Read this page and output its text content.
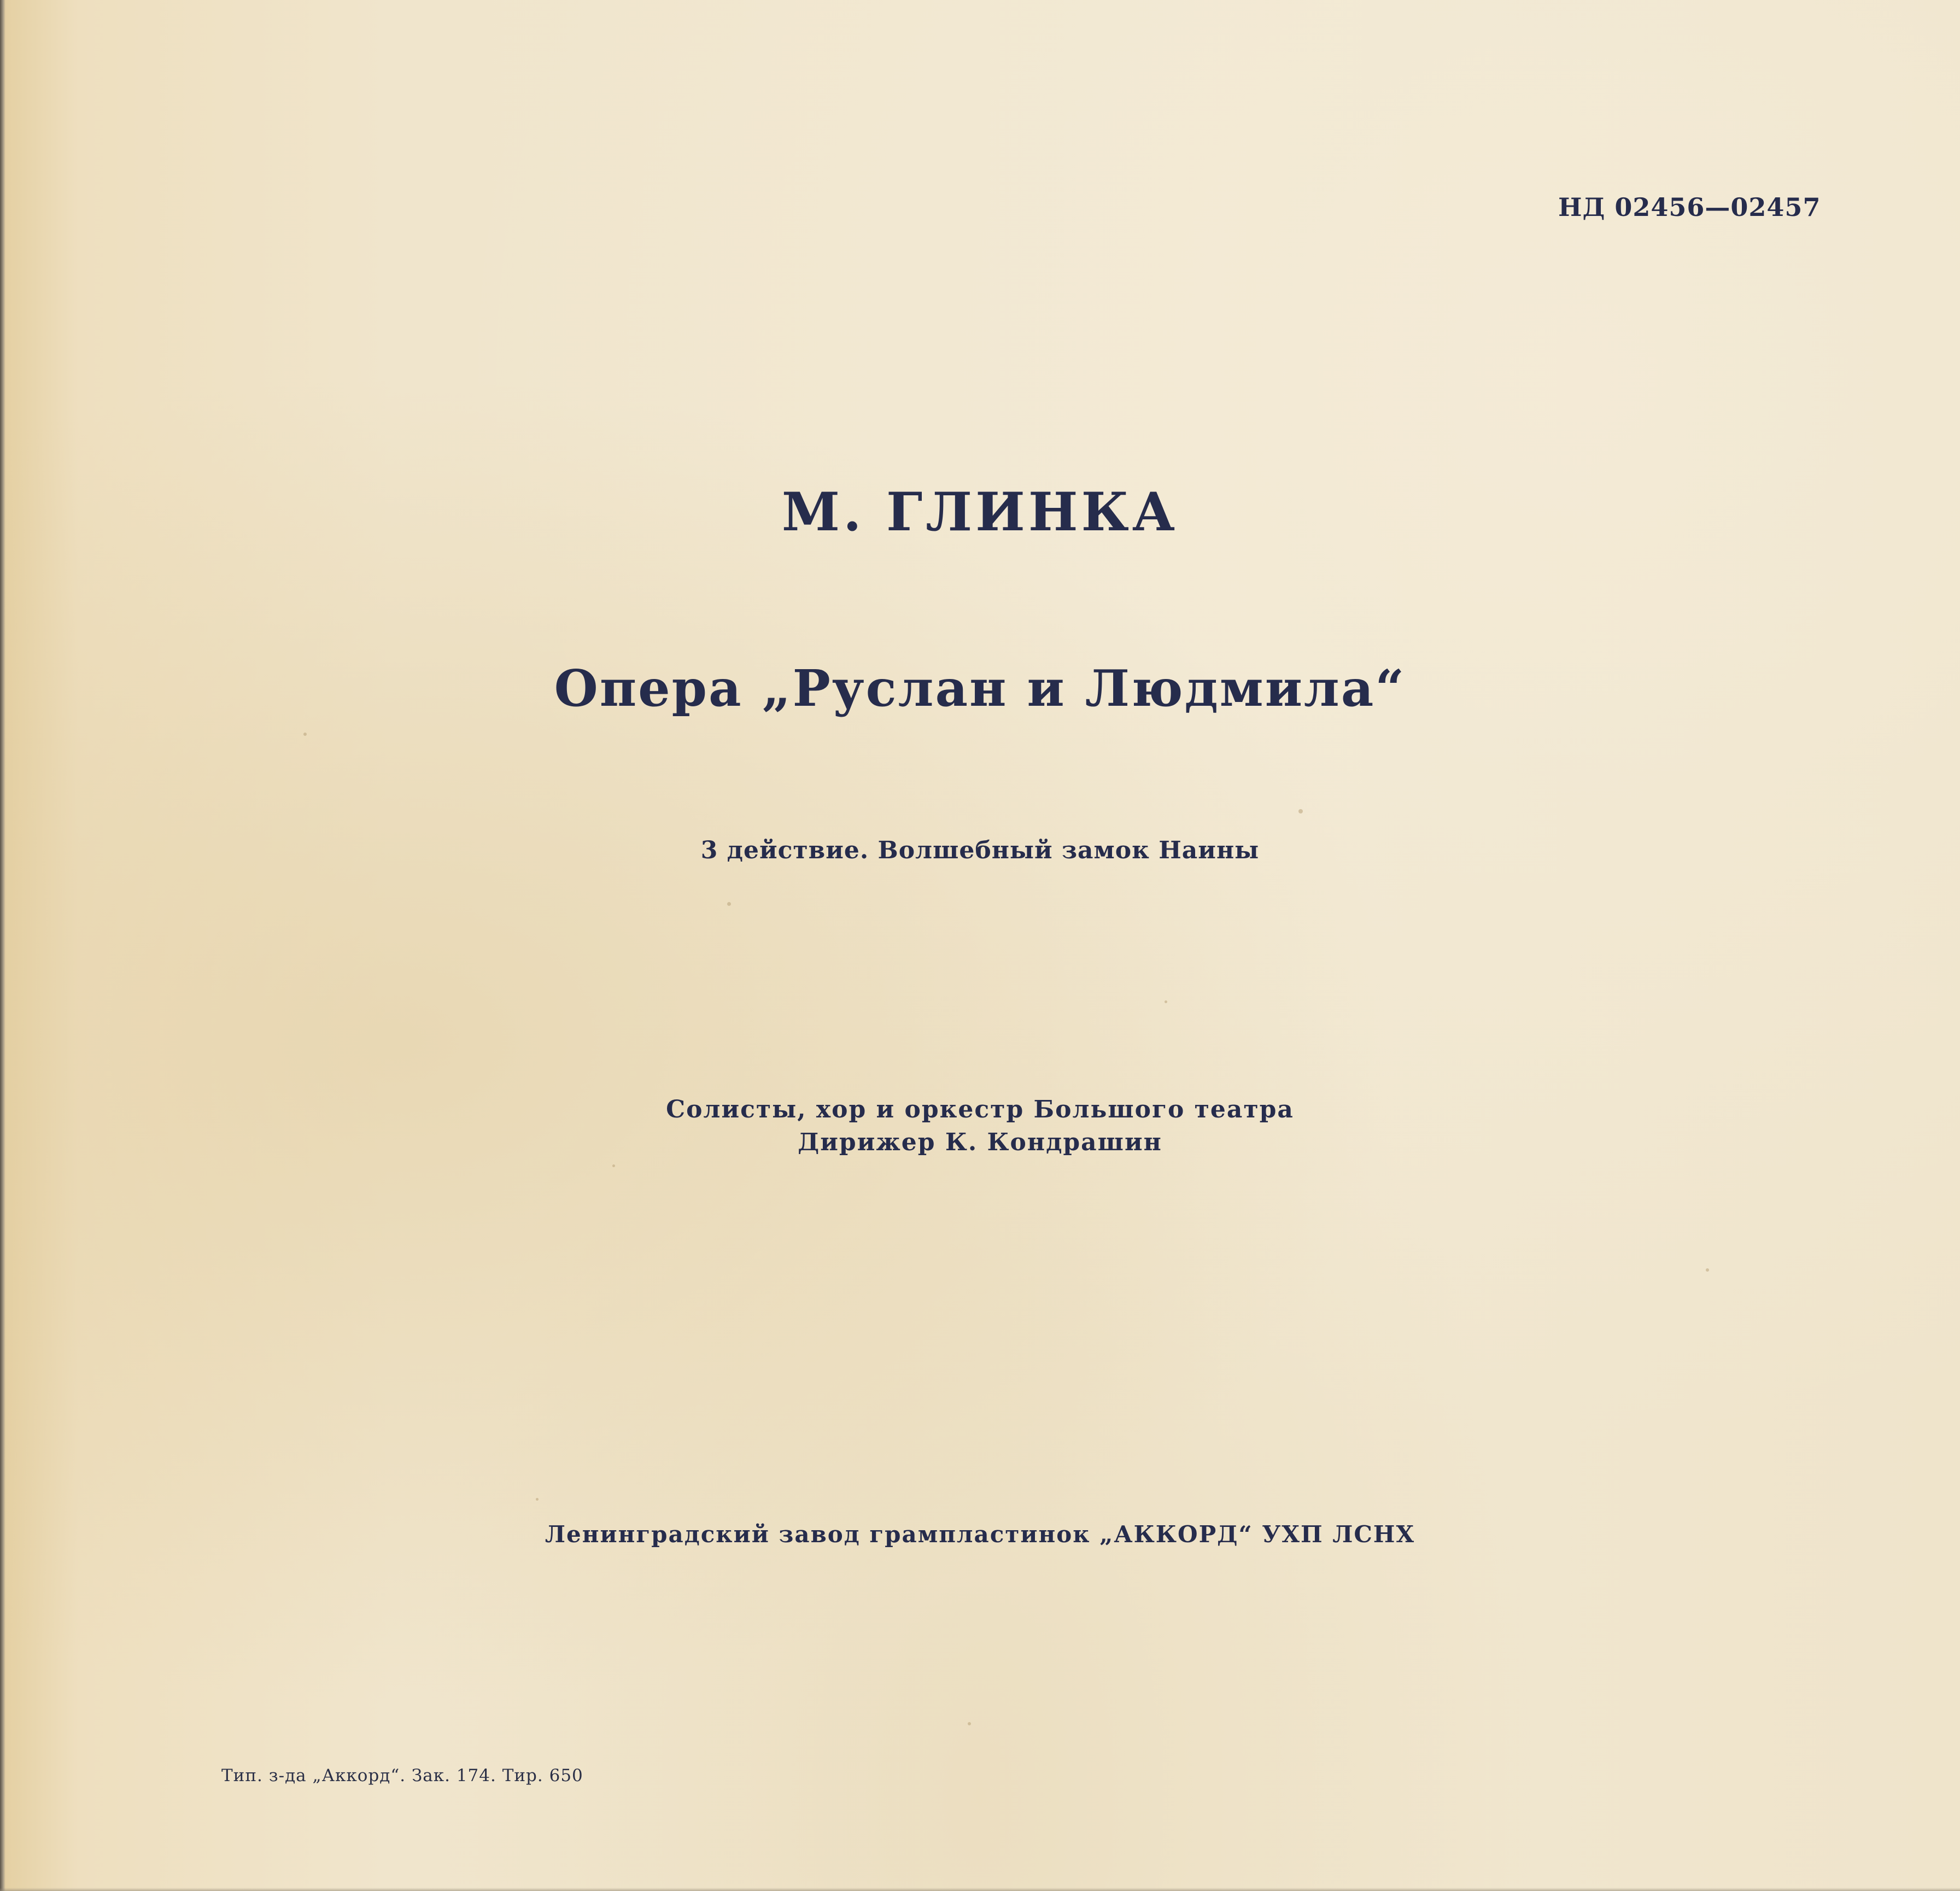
НД 02456—02457
М. ГЛИНКА
Опера „Руслан и Людмила“
3 действие. Волшебный замок Наины
Солисты, хор и оркестр Большого театра
Дирижер К. Кондрашин
Ленинградский завод грампластинок „АККОРД“ УХП ЛСНХ
Тип. з-да „Аккорд“. Зак. 174. Тир. 650
